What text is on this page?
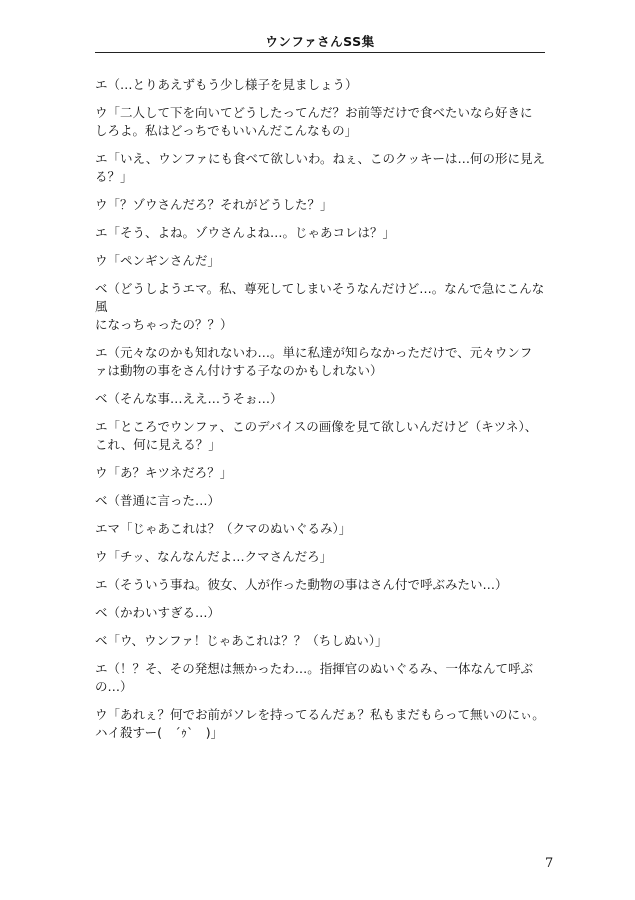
ウンファさんSS集

エ（…とりあえずもう少し様子を見ましょう）

ウ「二人して下を向いてどうしたってんだ？お前等だけで食べたいなら好きに
しろよ。私はどっちでもいいんだこんなもの」

エ「いえ、ウンファにも食べて欲しいわ。ねぇ、このクッキーは…何の形に見え
る？」

ウ「？ゾウさんだろ？それがどうした？」

エ「そう、よね。ゾウさんよね…。じゃあコレは？」

ウ「ペンギンさんだ」

ベ（どうしようエマ。私、尊死してしまいそうなんだけど…。なんで急にこんな風
になっちゃったの？？）

エ（元々なのかも知れないわ…。単に私達が知らなかっただけで、元々ウンフ
ァは動物の事をさん付けする子なのかもしれない）

ベ（そんな事…ええ…うそぉ…）

エ「ところでウンファ、このデバイスの画像を見て欲しいんだけど（キツネ）、
これ、何に見える？」

ウ「あ？キツネだろ？」

ベ（普通に言った…）

エマ「じゃあこれは？（クマのぬいぐるみ）」

ウ「チッ、なんなんだよ…クマさんだろ」

エ（そういう事ね。彼女、人が作った動物の事はさん付で呼ぶみたい…）

ベ（かわいすぎる…）

ベ「ウ、ウンファ！じゃあこれは？？（ちしぬい）」

エ（！？そ、その発想は無かったわ…。指揮官のぬいぐるみ、一体なんて呼ぶ
の…）

ウ「あれぇ？何でお前がソレを持ってるんだぁ？私もまだもらって無いのにぃ。
ハイ殺すー(　´ｩ`　)」

7
